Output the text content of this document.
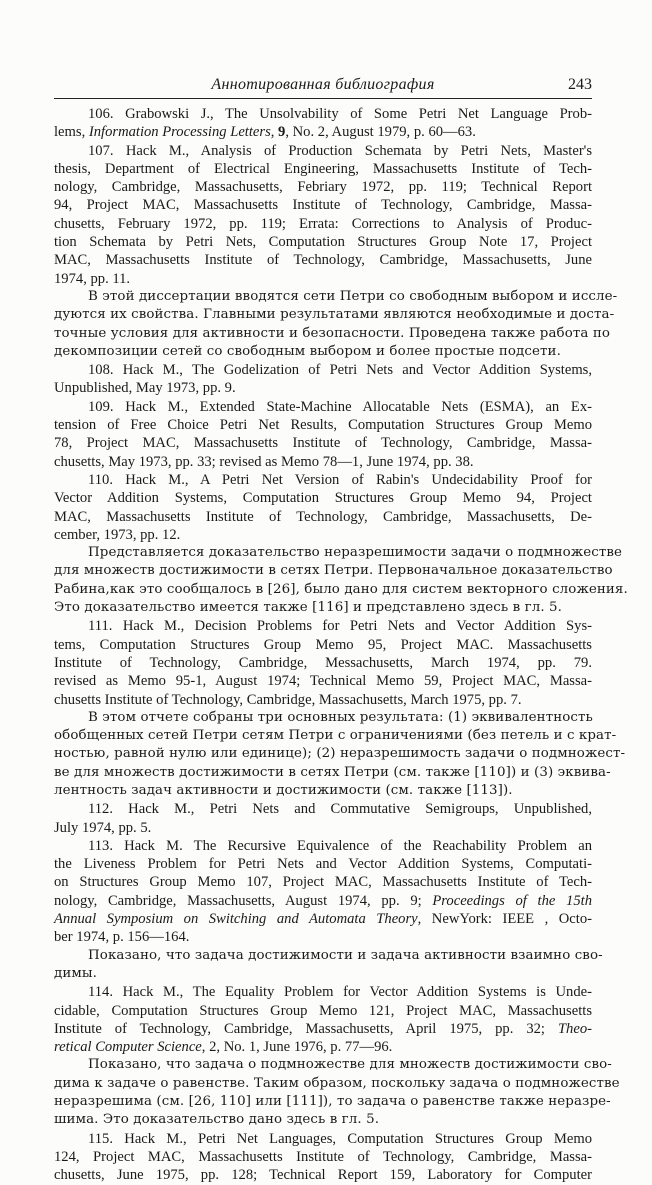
Аннотированная библиография	243
106. Grabowski J., The Unsolvability of Some Petri Net Language Prob-
lems, Information Processing Letters, 9, No. 2, August 1979, p. 60—63.
107. Hack M., Analysis of Production Schemata by Petri Nets, Master's
thesis, Department of Electrical Engineering, Massachusetts Institute of Tech-
nology, Cambridge, Massachusetts, Febriary 1972, pp. 119; Technical Report
94, Project MAC, Massachusetts Institute of Technology, Cambridge, Massa-
chusetts, February 1972, pp. 119; Errata: Corrections to Analysis of Produc-
tion Schemata by Petri Nets, Computation Structures Group Note 17, Project
MAC, Massachusetts Institute of Technology, Cambridge, Massachusetts, June
1974, pp. 11.
В этой диссертации вводятся сети Петри со свободным выбором и иссле-
дуются их свойства. Главными результатами являются необходимые и доста-
точные условия для активности и безопасности. Проведена также работа по
декомпозиции сетей со свободным выбором и более простые подсети.
108. Hack M., The Godelization of Petri Nets and Vector Addition Systems,
Unpublished, May 1973, pp. 9.
109. Hack M., Extended State-Machine Allocatable Nets (ESMA), an Ex-
tension of Free Choice Petri Net Results, Computation Structures Group Memo
78, Project MAC, Massachusetts Institute of Technology, Cambridge, Massa-
chusetts, May 1973, pp. 33; revised as Memo 78—1, June 1974, pp. 38.
110. Hack M., A Petri Net Version of Rabin's Undecidability Proof for
Vector Addition Systems, Computation Structures Group Memo 94, Project
MAC, Massachusetts Institute of Technology, Cambridge, Massachusetts, De-
cember, 1973, pp. 12.
Представляется доказательство неразрешимости задачи о подмножестве
для множеств достижимости в сетях Петри. Первоначальное доказательство
Рабина,как это сообщалось в [26], было дано для систем векторного сложения.
Это доказательство имеется также [116] и представлено здесь в гл. 5.
111. Hack M., Decision Problems for Petri Nets and Vector Addition Sys-
tems, Computation Structures Group Memo 95, Project MAC. Massachusetts
Institute of Technology, Cambridge, Messachusetts, March 1974, pp. 79.
revised as Memo 95-1, August 1974; Technical Memo 59, Project MAC, Massa-
chusetts Institute of Technology, Cambridge, Massachusetts, March 1975, pp. 7.
В этом отчете собраны три основных результата: (1) эквивалентность
обобщенных сетей Петри сетям Петри с ограничениями (без петель и с крат-
ностью, равной нулю или единице); (2) неразрешимость задачи о подмножест-
ве для множеств достижимости в сетях Петри (см. также [110]) и (3) эквива-
лентность задач активности и достижимости (см. также [113]).
112. Hack M., Petri Nets and Commutative Semigroups, Unpublished,
July 1974, pp. 5.
113. Hack M. The Recursive Equivalence of the Reachability Problem an
the Liveness Problem for Petri Nets and Vector Addition Systems, Computati-
on Structures Group Memo 107, Project MAC, Massachusetts Institute of Tech-
nology, Cambridge, Massachusetts, August 1974, pp. 9; Proceedings of the 15th
Annual Symposium on Switching and Automata Theory, NewYork: IEEE , Octo-
ber 1974, p. 156—164.
Показано, что задача достижимости и задача активности взаимно сво-
димы.
114. Hack M., The Equality Problem for Vector Addition Systems is Unde-
cidable, Computation Structures Group Memo 121, Project MAC, Massachusetts
Institute of Technology, Cambridge, Massachusetts, April 1975, pp. 32; Theo-
retical Computer Science, 2, No. 1, June 1976, p. 77—96.
Показано, что задача о подмножестве для множеств достижимости сво-
дима к задаче о равенстве. Таким образом, поскольку задача о подмножестве
неразрешима (см. [26, 110] или [111]), то задача о равенстве также неразре-
шима. Это доказательство дано здесь в гл. 5.
115. Hack M., Petri Net Languages, Computation Structures Group Memo
124, Project MAC, Massachusetts Institute of Technology, Cambridge, Massa-
chusetts, June 1975, pp. 128; Technical Report 159, Laboratory for Computer
